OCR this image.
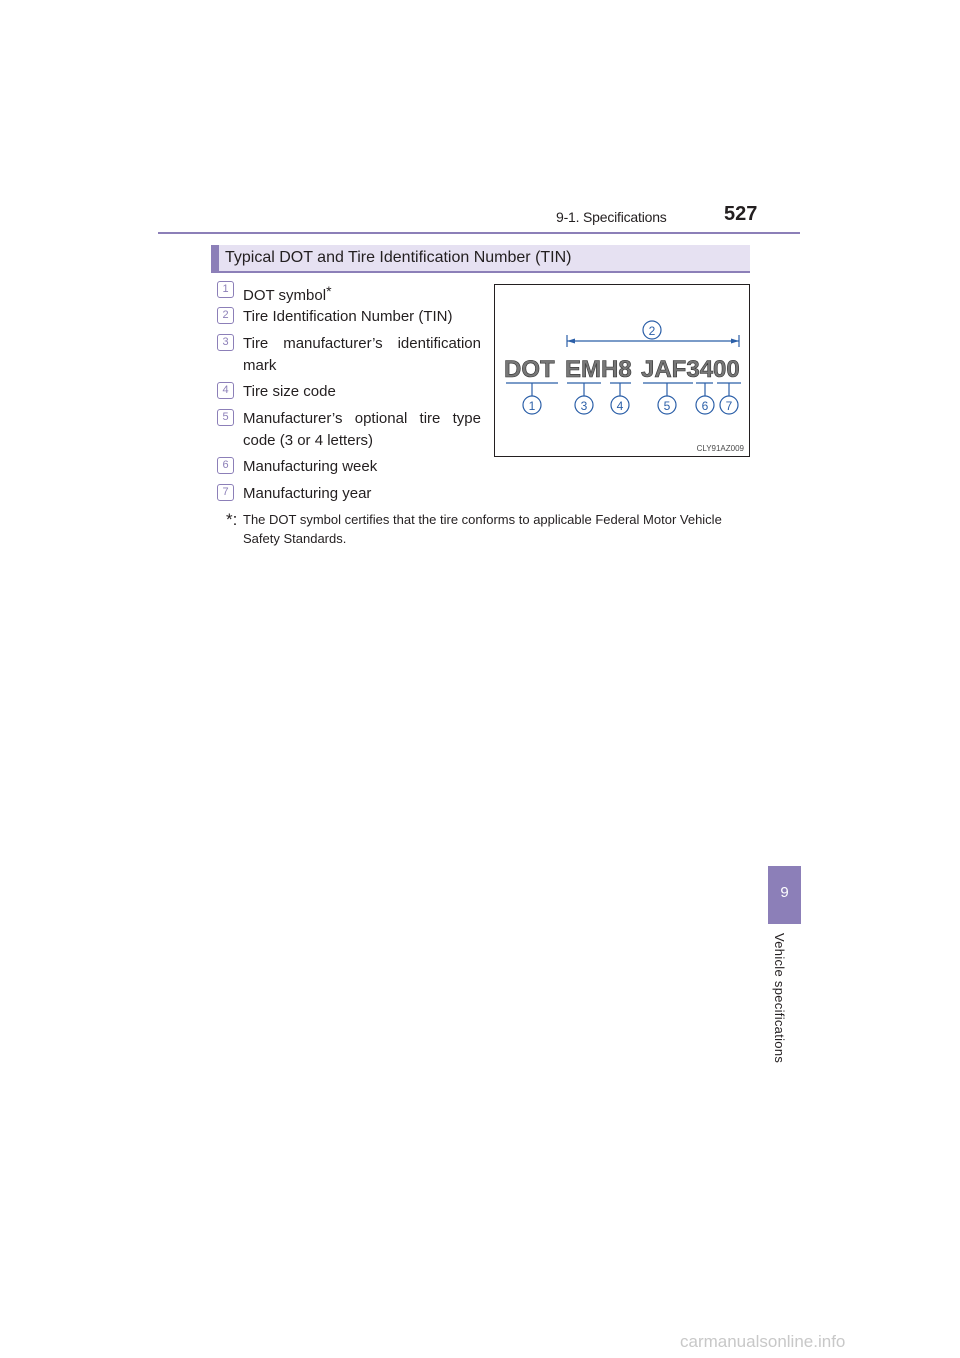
9-1. Specifications	527
Typical DOT and Tire Identification Number (TIN)
1 DOT symbol*
2 Tire Identification Number (TIN)
3 Tire manufacturer’s identification mark
4 Tire size code
5 Manufacturer’s optional tire type code (3 or 4 letters)
6 Manufacturing week
7 Manufacturing year
*: The DOT symbol certifies that the tire conforms to applicable Federal Motor Vehicle Safety Standards.
2
DOT EMH8 JAF3400
1	3 4	5	6 7
CLY91AZ009
9
Vehicle specifications
carmanualsonline.info
